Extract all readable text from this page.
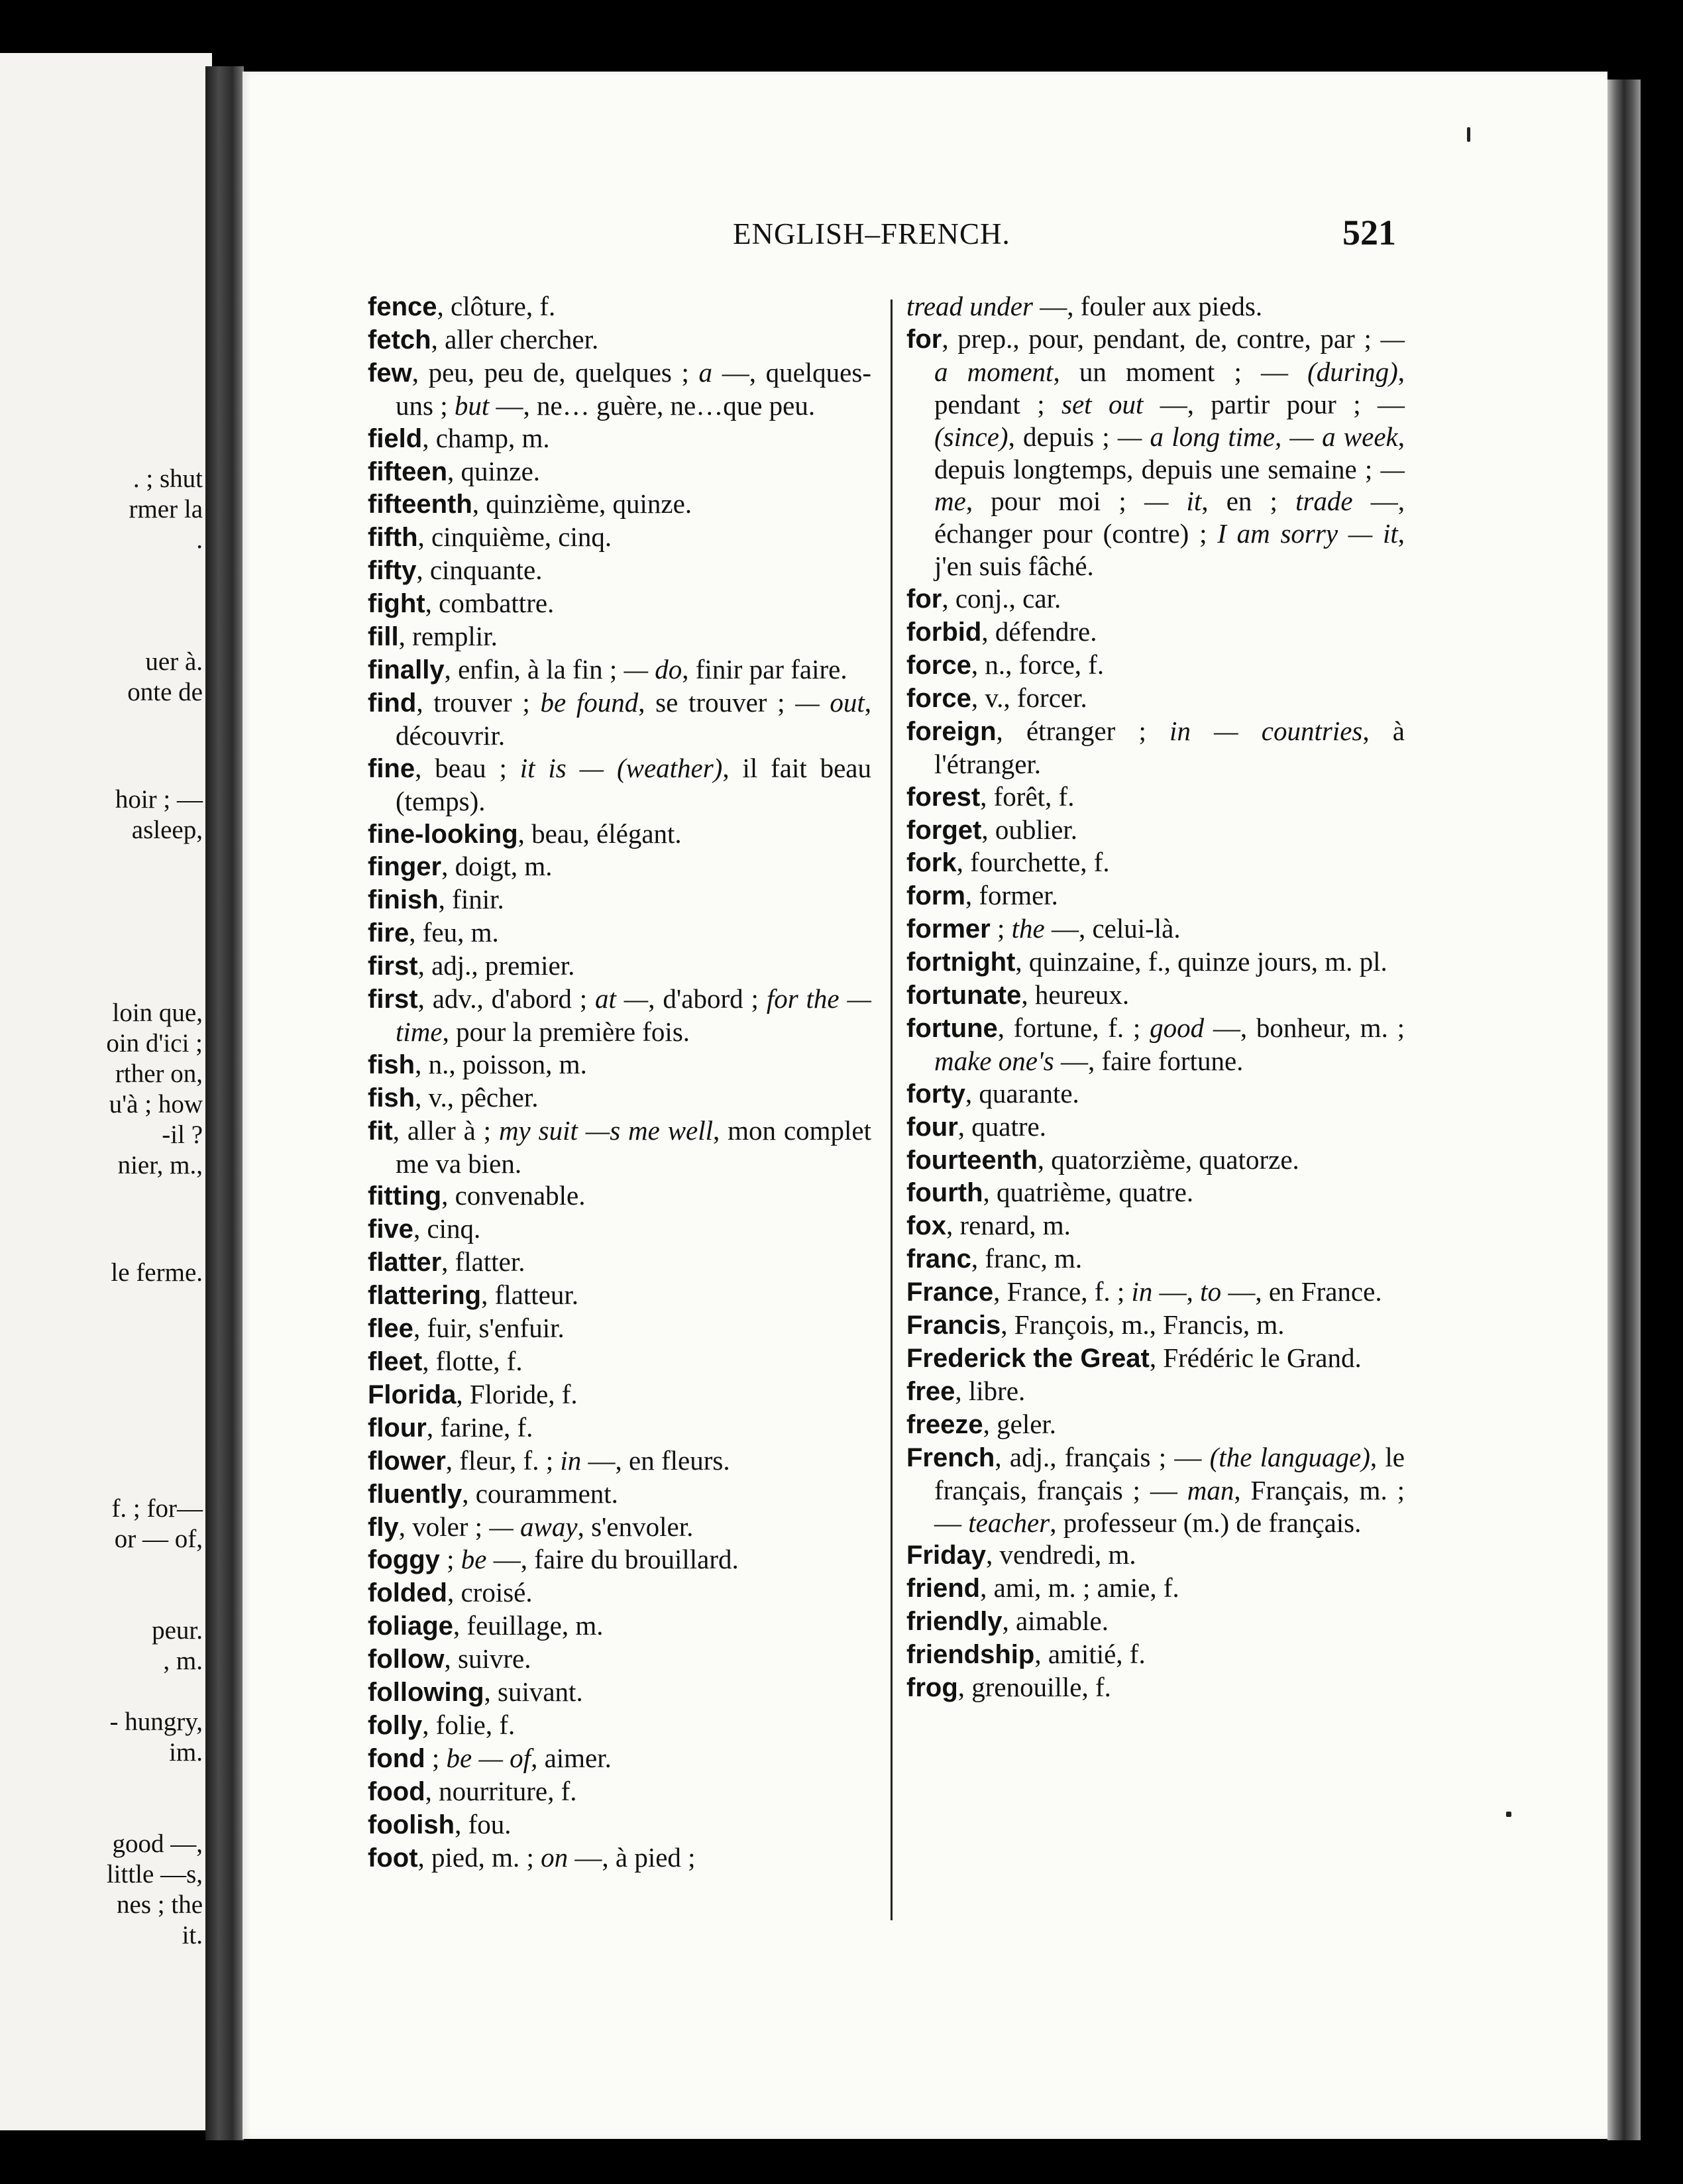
. ; shut
rmer la
.
uer à.
onte de
hoir ; —
asleep,
loin que,
oin d'ici ;
rther on,
u'à ; how
-il ?
nier, m.,
le ferme.
f. ; for—
or — of,
peur.
, m.
- hungry,
im.
good —,
little —s,
nes ; the
it.
ENGLISH–FRENCH.	521
fence, clôture, f.
fetch, aller chercher.
few, peu, peu de, quelques ; a —, quelques-uns ; but —, ne… guère, ne…que peu.
field, champ, m.
fifteen, quinze.
fifteenth, quinzième, quinze.
fifth, cinquième, cinq.
fifty, cinquante.
fight, combattre.
fill, remplir.
finally, enfin, à la fin ; — do, finir par faire.
find, trouver ; be found, se trouver ; — out, découvrir.
fine, beau ; it is — (weather), il fait beau (temps).
fine-looking, beau, élégant.
finger, doigt, m.
finish, finir.
fire, feu, m.
first, adj., premier.
first, adv., d'abord ; at —, d'abord ; for the — time, pour la première fois.
fish, n., poisson, m.
fish, v., pêcher.
fit, aller à ; my suit —s me well, mon complet me va bien.
fitting, convenable.
five, cinq.
flatter, flatter.
flattering, flatteur.
flee, fuir, s'enfuir.
fleet, flotte, f.
Florida, Floride, f.
flour, farine, f.
flower, fleur, f. ; in —, en fleurs.
fluently, couramment.
fly, voler ; — away, s'envoler.
foggy ; be —, faire du brouillard.
folded, croisé.
foliage, feuillage, m.
follow, suivre.
following, suivant.
folly, folie, f.
fond ; be — of, aimer.
food, nourriture, f.
foolish, fou.
foot, pied, m. ; on —, à pied ;
tread under —, fouler aux pieds.
for, prep., pour, pendant, de, contre, par ; — a moment, un moment ; — (during), pendant ; set out —, partir pour ; — (since), depuis ; — a long time, — a week, depuis longtemps, depuis une semaine ; — me, pour moi ; — it, en ; trade —, échanger pour (contre) ; I am sorry — it, j'en suis fâché.
for, conj., car.
forbid, défendre.
force, n., force, f.
force, v., forcer.
foreign, étranger ; in — countries, à l'étranger.
forest, forêt, f.
forget, oublier.
fork, fourchette, f.
form, former.
former ; the —, celui-là.
fortnight, quinzaine, f., quinze jours, m. pl.
fortunate, heureux.
fortune, fortune, f. ; good —, bonheur, m. ; make one's —, faire fortune.
forty, quarante.
four, quatre.
fourteenth, quatorzième, quatorze.
fourth, quatrième, quatre.
fox, renard, m.
franc, franc, m.
France, France, f. ; in —, to —, en France.
Francis, François, m., Francis, m.
Frederick the Great, Frédéric le Grand.
free, libre.
freeze, geler.
French, adj., français ; — (the language), le français, français ; — man, Français, m. ; — teacher, professeur (m.) de français.
Friday, vendredi, m.
friend, ami, m. ; amie, f.
friendly, aimable.
friendship, amitié, f.
frog, grenouille, f.
